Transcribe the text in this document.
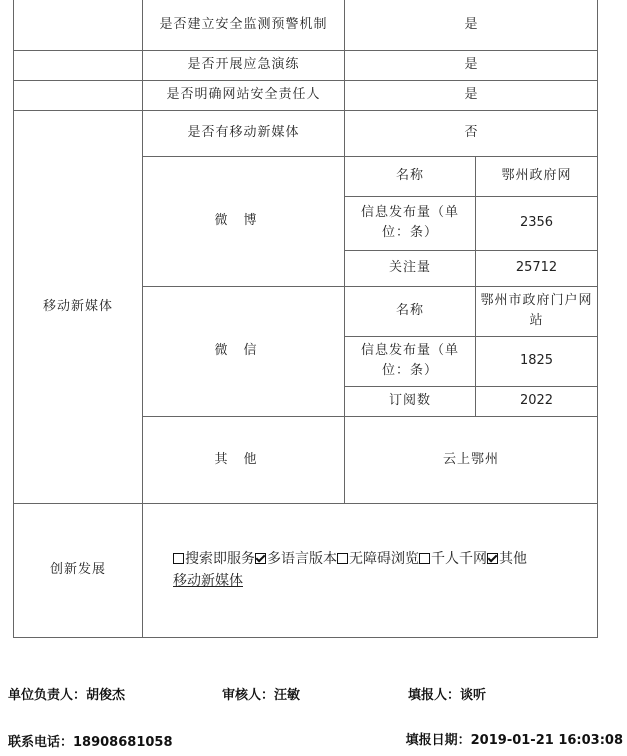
	是否建立安全监测预警机制	是	
	是否开展应急演练	是	
	是否明确网站安全责任人	是	
移动新媒体	是否有移动新媒体	否	
	微博	名称	鄂州政府网
		信息发布量（单位：条）	2356
		关注量	25712
	微信	名称	鄂州市政府门户网站
		信息发布量（单位：条）	1825
		订阅数	2022
	其他	云上鄂州	
创新发展	搜索即服务 多语言版本 无障碍浏览 千人千网 其他
移动新媒体		
单位负责人：胡俊杰	审核人：汪敏	填报人：谈听
联系电话：18908681058	填报日期：2019-01-21 16:03:08
